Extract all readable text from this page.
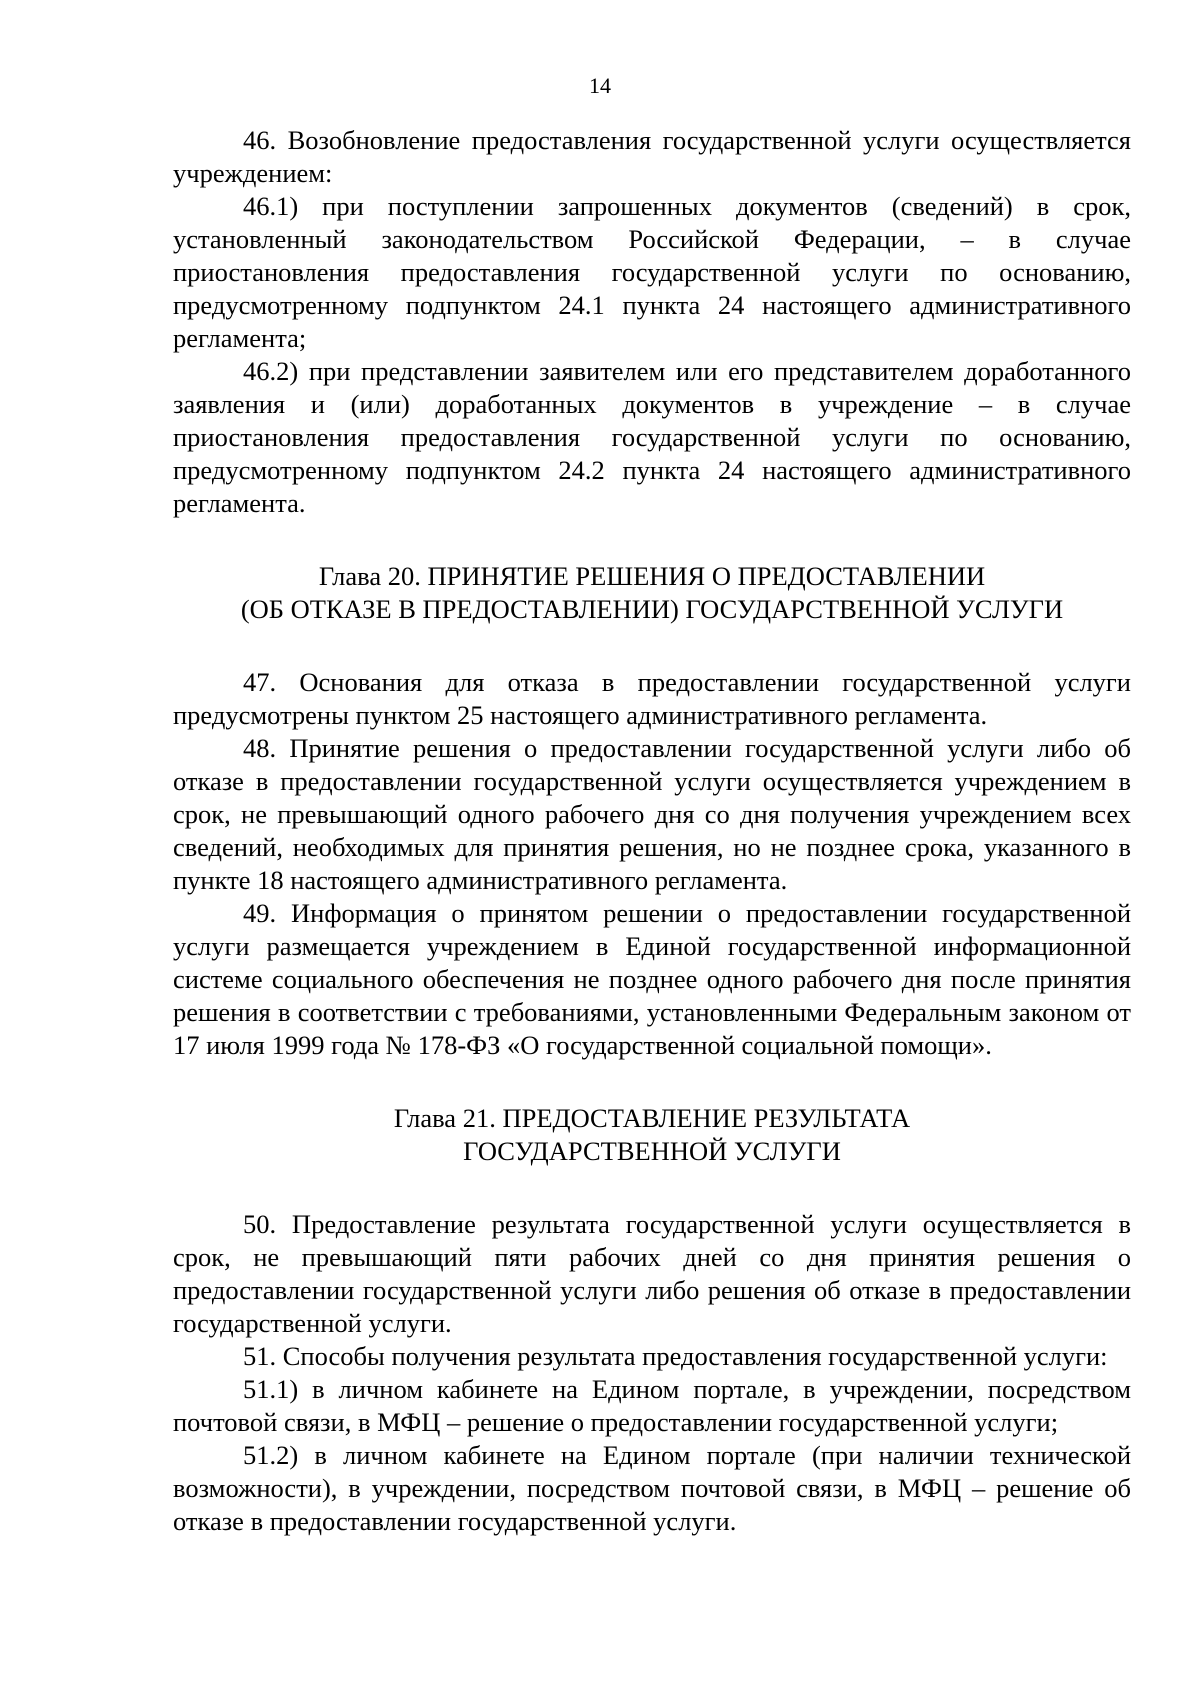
14

46. Возобновление предоставления государственной услуги осуществляется учреждением:

46.1) при поступлении запрошенных документов (сведений) в срок, установленный законодательством Российской Федерации, – в случае приостановления предоставления государственной услуги по основанию, предусмотренному подпунктом 24.1 пункта 24 настоящего административного регламента;

46.2) при представлении заявителем или его представителем доработанного заявления и (или) доработанных документов в учреждение – в случае приостановления предоставления государственной услуги по основанию, предусмотренному подпунктом 24.2 пункта 24 настоящего административного регламента.

Глава 20. ПРИНЯТИЕ РЕШЕНИЯ О ПРЕДОСТАВЛЕНИИ
(ОБ ОТКАЗЕ В ПРЕДОСТАВЛЕНИИ) ГОСУДАРСТВЕННОЙ УСЛУГИ

47. Основания для отказа в предоставлении государственной услуги предусмотрены пунктом 25 настоящего административного регламента.

48. Принятие решения о предоставлении государственной услуги либо об отказе в предоставлении государственной услуги осуществляется учреждением в срок, не превышающий одного рабочего дня со дня получения учреждением всех сведений, необходимых для принятия решения, но не позднее срока, указанного в пункте 18 настоящего административного регламента.

49. Информация о принятом решении о предоставлении государственной услуги размещается учреждением в Единой государственной информационной системе социального обеспечения не позднее одного рабочего дня после принятия решения в соответствии с требованиями, установленными Федеральным законом от 17 июля 1999 года № 178-ФЗ «О государственной социальной помощи».

Глава 21. ПРЕДОСТАВЛЕНИЕ РЕЗУЛЬТАТА
ГОСУДАРСТВЕННОЙ УСЛУГИ

50. Предоставление результата государственной услуги осуществляется в срок, не превышающий пяти рабочих дней со дня принятия решения о предоставлении государственной услуги либо решения об отказе в предоставлении государственной услуги.

51. Способы получения результата предоставления государственной услуги:

51.1) в личном кабинете на Едином портале, в учреждении, посредством почтовой связи, в МФЦ – решение о предоставлении государственной услуги;

51.2) в личном кабинете на Едином портале (при наличии технической возможности), в учреждении, посредством почтовой связи, в МФЦ – решение об отказе в предоставлении государственной услуги.
